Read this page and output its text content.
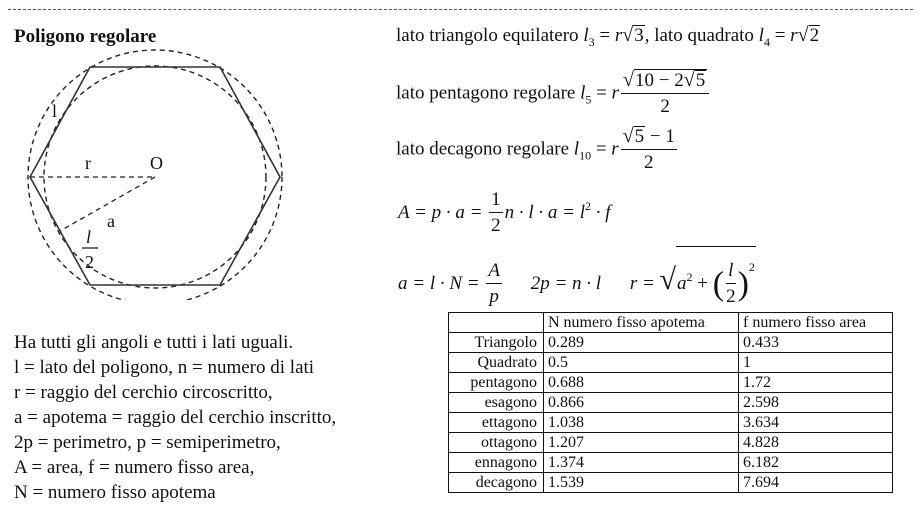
Poligono regolare
l
r	O
a
l
2
lato triangolo equilatero $l_3 = r√3$, lato quadrato $l_4 = r√2$
lato pentagono regolare $l_5 = r \frac{√10 - 2√5}{2}$
lato decagono regolare $l_{10} = r \frac{√5 - 1}{2}$
$A = p \cdot a = \frac{1}{2}$ $n \cdot l \cdot a = l^2 \cdot f$
$a = l \cdot N = \frac{A}{p} 2p = n \cdot l$ $r = √a^2$ + ( $\frac{l}{2} )^2$
Ha tutti gli angoli e tutti i lati uguali.
l = lato del poligono, n = numero di lati
r = raggio del cerchio circoscritto,
a = apotema = raggio del cerchio inscritto,
2p = perimetro, p = semiperimetro,
A = area, f = numero fisso area,
N = numero fisso apotema
	N numero fisso apotema	f numero fisso area
Triangolo	0.289	0.433
Quadrato	0.5	1
pentagono	0.688	1.72
esagono	0.866	2.598
ettagono	1.038	3.634
ottagono	1.207	4.828
ennagono	1.374	6.182
decagono	1.539	7.694
